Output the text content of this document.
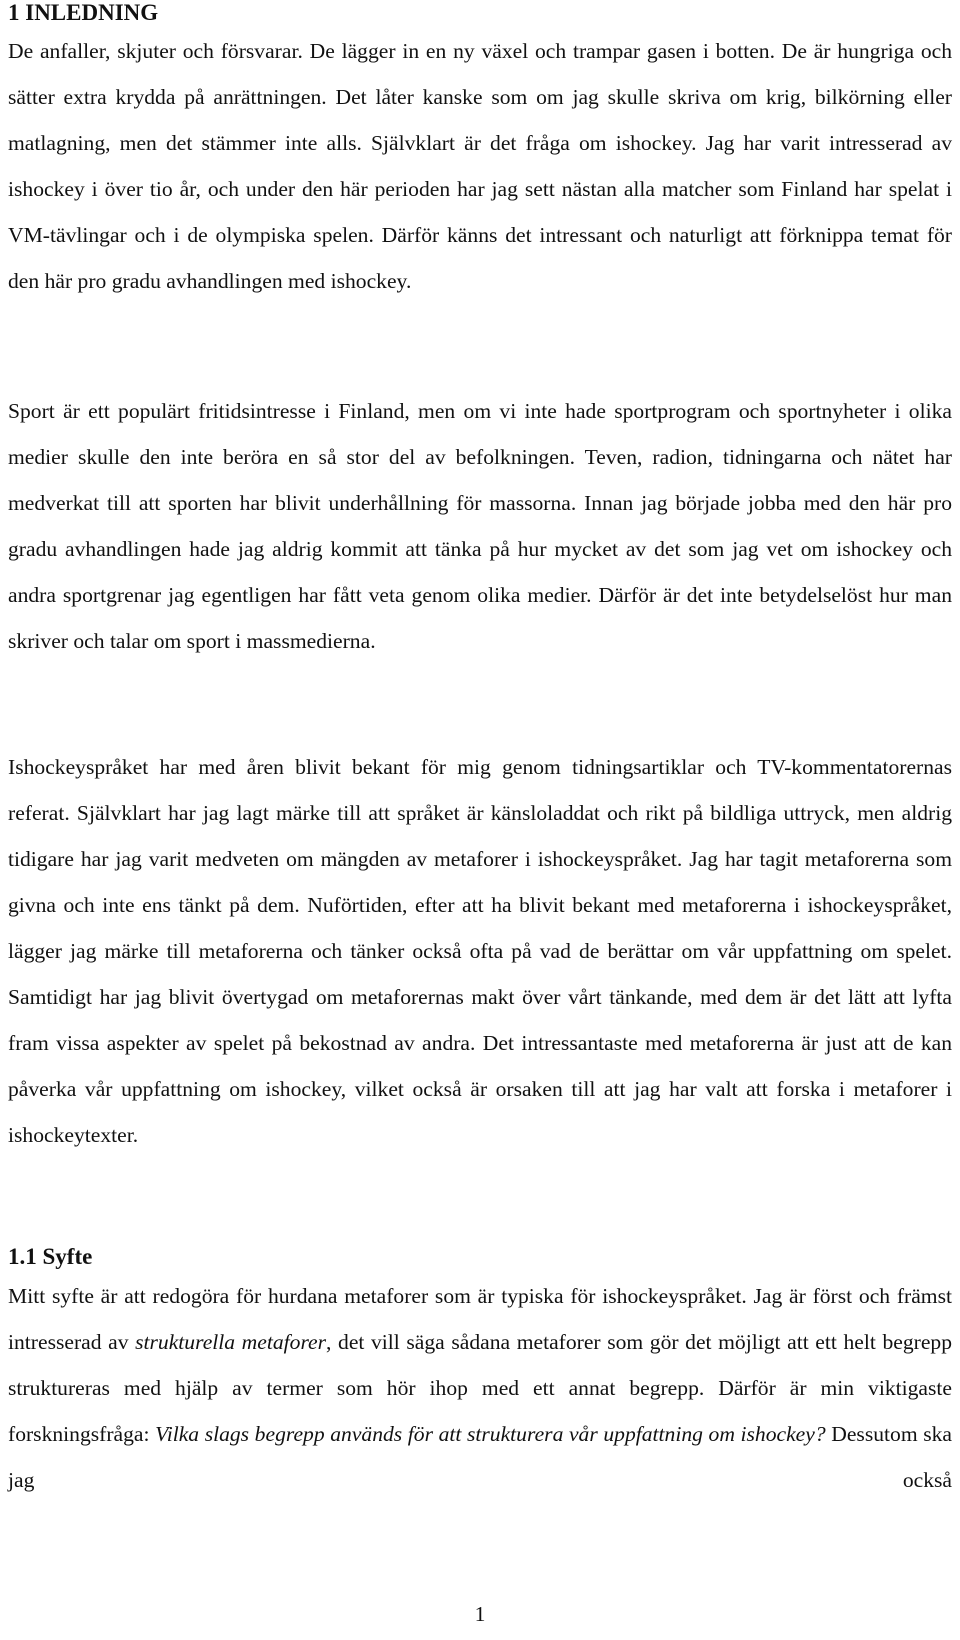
1 INLEDNING

De anfaller, skjuter och försvarar. De lägger in en ny växel och trampar gasen i botten. De är hungriga och sätter extra krydda på anrättningen. Det låter kanske som om jag skulle skriva om krig, bilkörning eller matlagning, men det stämmer inte alls. Självklart är det fråga om ishockey. Jag har varit intresserad av ishockey i över tio år, och under den här perioden har jag sett nästan alla matcher som Finland har spelat i VM-tävlingar och i de olympiska spelen. Därför känns det intressant och naturligt att förknippa temat för den här pro gradu avhandlingen med ishockey.

Sport är ett populärt fritidsintresse i Finland, men om vi inte hade sportprogram och sportnyheter i olika medier skulle den inte beröra en så stor del av befolkningen. Teven, radion, tidningarna och nätet har medverkat till att sporten har blivit underhållning för massorna. Innan jag började jobba med den här pro gradu avhandlingen hade jag aldrig kommit att tänka på hur mycket av det som jag vet om ishockey och andra sportgrenar jag egentligen har fått veta genom olika medier. Därför är det inte betydelselöst hur man skriver och talar om sport i massmedierna.

Ishockeyspråket har med åren blivit bekant för mig genom tidningsartiklar och TV-kommentatorernas referat. Självklart har jag lagt märke till att språket är känsloladdat och rikt på bildliga uttryck, men aldrig tidigare har jag varit medveten om mängden av metaforer i ishockeyspråket. Jag har tagit metaforerna som givna och inte ens tänkt på dem. Nuförtiden, efter att ha blivit bekant med metaforerna i ishockeyspråket, lägger jag märke till metaforerna och tänker också ofta på vad de berättar om vår uppfattning om spelet. Samtidigt har jag blivit övertygad om metaforernas makt över vårt tänkande, med dem är det lätt att lyfta fram vissa aspekter av spelet på bekostnad av andra. Det intressantaste med metaforerna är just att de kan påverka vår uppfattning om ishockey, vilket också är orsaken till att jag har valt att forska i metaforer i ishockeytexter.

1.1 Syfte

Mitt syfte är att redogöra för hurdana metaforer som är typiska för ishockeyspråket. Jag är först och främst intresserad av strukturella metaforer, det vill säga sådana metaforer som gör det möjligt att ett helt begrepp struktureras med hjälp av termer som hör ihop med ett annat begrepp. Därför är min viktigaste forskningsfråga: Vilka slags begrepp används för att strukturera vår uppfattning om ishockey? Dessutom ska jag också

1
